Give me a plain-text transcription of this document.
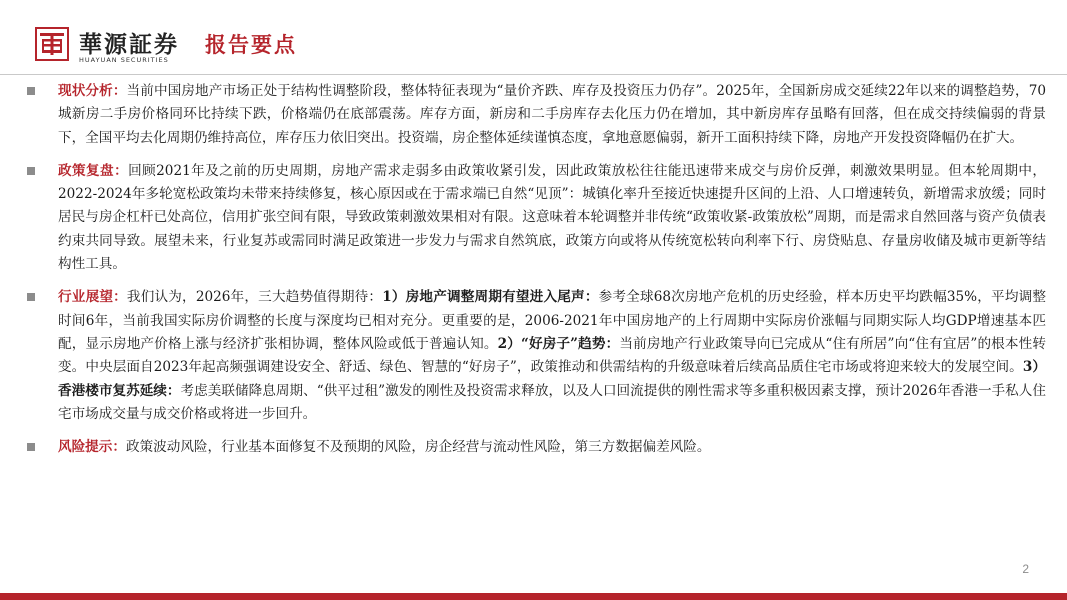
華源証券
HUAYUAN SECURITIES
报告要点

现状分析：当前中国房地产市场正处于结构性调整阶段，整体特征表现为“量价齐跌、库存及投资压力仍存”。2025年，全国新房成交延续22年以来的调整趋势，70城新房二手房价格同环比持续下跌，价格端仍在底部震荡。库存方面，新房和二手房库存去化压力仍在增加，其中新房库存虽略有回落，但在成交持续偏弱的背景下，全国平均去化周期仍维持高位，库存压力依旧突出。投资端，房企整体延续谨慎态度，拿地意愿偏弱，新开工面积持续下降，房地产开发投资降幅仍在扩大。

政策复盘：回顾2021年及之前的历史周期，房地产需求走弱多由政策收紧引发，因此政策放松往往能迅速带来成交与房价反弹，刺激效果明显。但本轮周期中，2022-2024年多轮宽松政策均未带来持续修复，核心原因或在于需求端已自然“见顶”：城镇化率升至接近快速提升区间的上沿、人口增速转负，新增需求放缓；同时居民与房企杠杆已处高位，信用扩张空间有限，导致政策刺激效果相对有限。这意味着本轮调整并非传统“政策收紧-政策放松”周期，而是需求自然回落与资产负债表约束共同导致。展望未来，行业复苏或需同时满足政策进一步发力与需求自然筑底，政策方向或将从传统宽松转向利率下行、房贷贴息、存量房收储及城市更新等结构性工具。

行业展望：我们认为，2026年，三大趋势值得期待：1）房地产调整周期有望进入尾声：参考全球68次房地产危机的历史经验，样本历史平均跌幅35%，平均调整时间6年，当前我国实际房价调整的长度与深度均已相对充分。更重要的是，2006-2021年中国房地产的上行周期中实际房价涨幅与同期实际人均GDP增速基本匹配，显示房地产价格上涨与经济扩张相协调，整体风险或低于普遍认知。2）“好房子”趋势：当前房地产行业政策导向已完成从“住有所居”向“住有宜居”的根本性转变。中央层面自2023年起高频强调建设安全、舒适、绿色、智慧的“好房子”，政策推动和供需结构的升级意味着后续高品质住宅市场或将迎来较大的发展空间。3）香港楼市复苏延续：考虑美联储降息周期、“供平过租”激发的刚性及投资需求释放，以及人口回流提供的刚性需求等多重积极因素支撑，预计2026年香港一手私人住宅市场成交量与成交价格或将进一步回升。

风险提示：政策波动风险，行业基本面修复不及预期的风险，房企经营与流动性风险，第三方数据偏差风险。

2
